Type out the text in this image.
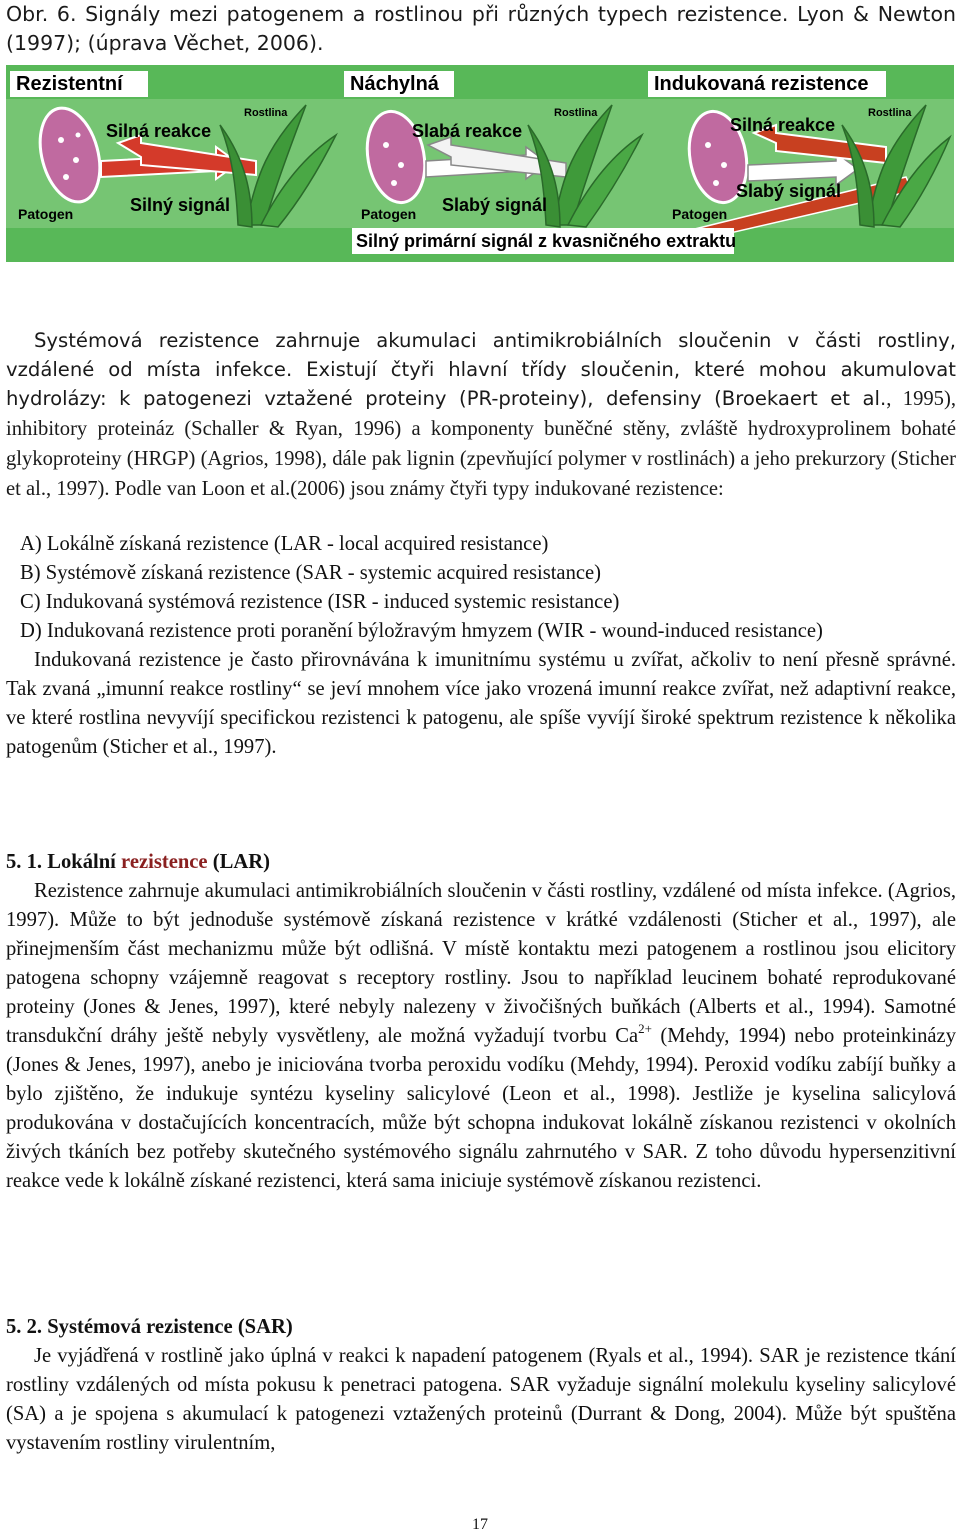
Obr. 6. Signály mezi patogenem a rostlinou při různých typech rezistence. Lyon & Newton (1997); (úprava Věchet, 2006).
Rezistentní	Náchylná	Indukovaná rezistence
Rostlina
Silná reakce
Patogen	Silný signál
Rostlina
Slabá reakce
Patogen Slabý signál
Rostlina
Silná reakce
Patogen
Slabý signál
Silný primární signál z kvasničného extraktu
Systémová rezistence zahrnuje akumulaci antimikrobiálních sloučenin v části rostliny, vzdálené od místa infekce. Existují čtyři hlavní třídy sloučenin, které mohou akumulovat hydrolázy: k patogenezi vztažené proteiny (PR-proteiny), defensiny (Broekaert et al., 1995), inhibitory proteináz (Schaller & Ryan, 1996) a komponenty buněčné stěny, zvláště hydroxyprolinem bohaté glykoproteiny (HRGP) (Agrios, 1998), dále pak lignin (zpevňující polymer v rostlinách) a jeho prekurzory (Sticher et al., 1997). Podle van Loon et al.(2006) jsou známy čtyři typy indukované rezistence:
A) Lokálně získaná rezistence (LAR - local acquired resistance)
B) Systémově získaná rezistence (SAR - systemic acquired resistance)
C) Indukovaná systémová rezistence (ISR - induced systemic resistance)
D) Indukovaná rezistence proti poranění býložravým hmyzem (WIR - wound-induced resistance)

Indukovaná rezistence je často přirovnávána k imunitnímu systému u zvířat, ačkoliv to není přesně správné. Tak zvaná „imunní reakce rostliny“ se jeví mnohem více jako vrozená imunní reakce zvířat, než adaptivní reakce, ve které rostlina nevyvíjí specifickou rezistenci k patogenu, ale spíše vyvíjí široké spektrum rezistence k několika patogenům (Sticher et al., 1997).

5. 1. Lokální rezistence (LAR)

Rezistence zahrnuje akumulaci antimikrobiálních sloučenin v části rostliny, vzdálené od místa infekce. (Agrios, 1997). Může to být jednoduše systémově získaná rezistence v krátké vzdálenosti (Sticher et al., 1997), ale přinejmenším část mechanizmu může být odlišná. V místě kontaktu mezi patogenem a rostlinou jsou elicitory patogena schopny vzájemně reagovat s receptory rostliny. Jsou to například leucinem bohaté reprodukované proteiny (Jones & Jenes, 1997), které nebyly nalezeny v živočišných buňkách (Alberts et al., 1994). Samotné transdukční dráhy ještě nebyly vysvětleny, ale možná vyžadují tvorbu $Ca^{2+}$ (Mehdy, 1994) nebo proteinkinázy (Jones & Jenes, 1997), anebo je iniciována tvorba peroxidu vodíku (Mehdy, 1994). Peroxid vodíku zabíjí buňky a bylo zjištěno, že indukuje syntézu kyseliny salicylové (Leon et al., 1998). Jestliže je kyselina salicylová produkována v dostačujících koncentracích, může být schopna indukovat lokálně získanou rezistenci v okolních živých tkáních bez potřeby skutečného systémového signálu zahrnutého v SAR. Z toho důvodu hypersenzitivní reakce vede k lokálně získané rezistenci, která sama iniciuje systémově získanou rezistenci.

5. 2. Systémová rezistence (SAR)

Je vyjádřená v rostlině jako úplná v reakci k napadení patogenem (Ryals et al., 1994). SAR je rezistence tkání rostliny vzdálených od místa pokusu k penetraci patogena. SAR vyžaduje signální molekulu kyseliny salicylové (SA) a je spojena s akumulací k patogenezi vztažených proteinů (Durrant & Dong, 2004). Může být spuštěna vystavením rostliny virulentním,

17
